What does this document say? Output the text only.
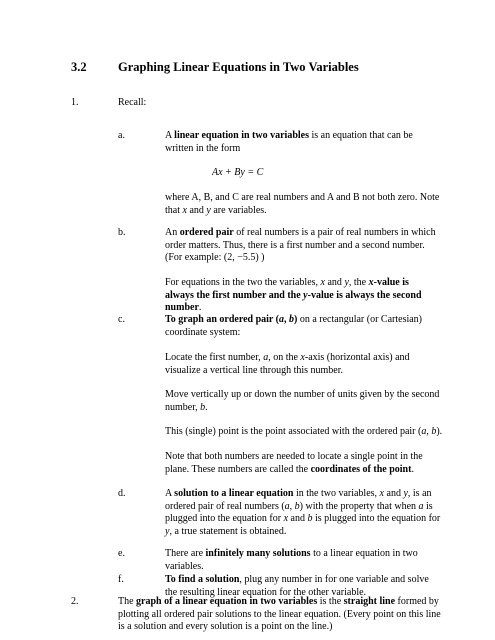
3.2	Graphing Linear Equations in Two Variables
1.	Recall:
a.	A linear equation in two variables is an equation that can be written in the form
Ax + By = C
where A, B, and C are real numbers and A and B not both zero. Note that x and y are variables.
b.	An ordered pair of real numbers is a pair of real numbers in which order matters. Thus, there is a first number and a second number. (For example: (2, −5.5) )
For equations in the two the variables, x and y, the x-value is always the first number and the y-value is always the second number.
c.	To graph an ordered pair (a, b) on a rectangular (or Cartesian) coordinate system:
Locate the first number, a, on the x-axis (horizontal axis) and visualize a vertical line through this number.
Move vertically up or down the number of units given by the second number, b.
This (single) point is the point associated with the ordered pair (a, b).
Note that both numbers are needed to locate a single point in the plane. These numbers are called the coordinates of the point.
d.	A solution to a linear equation in the two variables, x and y, is an ordered pair of real numbers (a, b) with the property that when a is plugged into the equation for x and b is plugged into the equation for y, a true statement is obtained.
e.	There are infinitely many solutions to a linear equation in two variables.
f.	To find a solution, plug any number in for one variable and solve the resulting linear equation for the other variable.
2.	The graph of a linear equation in two variables is the straight line formed by plotting all ordered pair solutions to the linear equation. (Every point on this line is a solution and every solution is a point on the line.)
